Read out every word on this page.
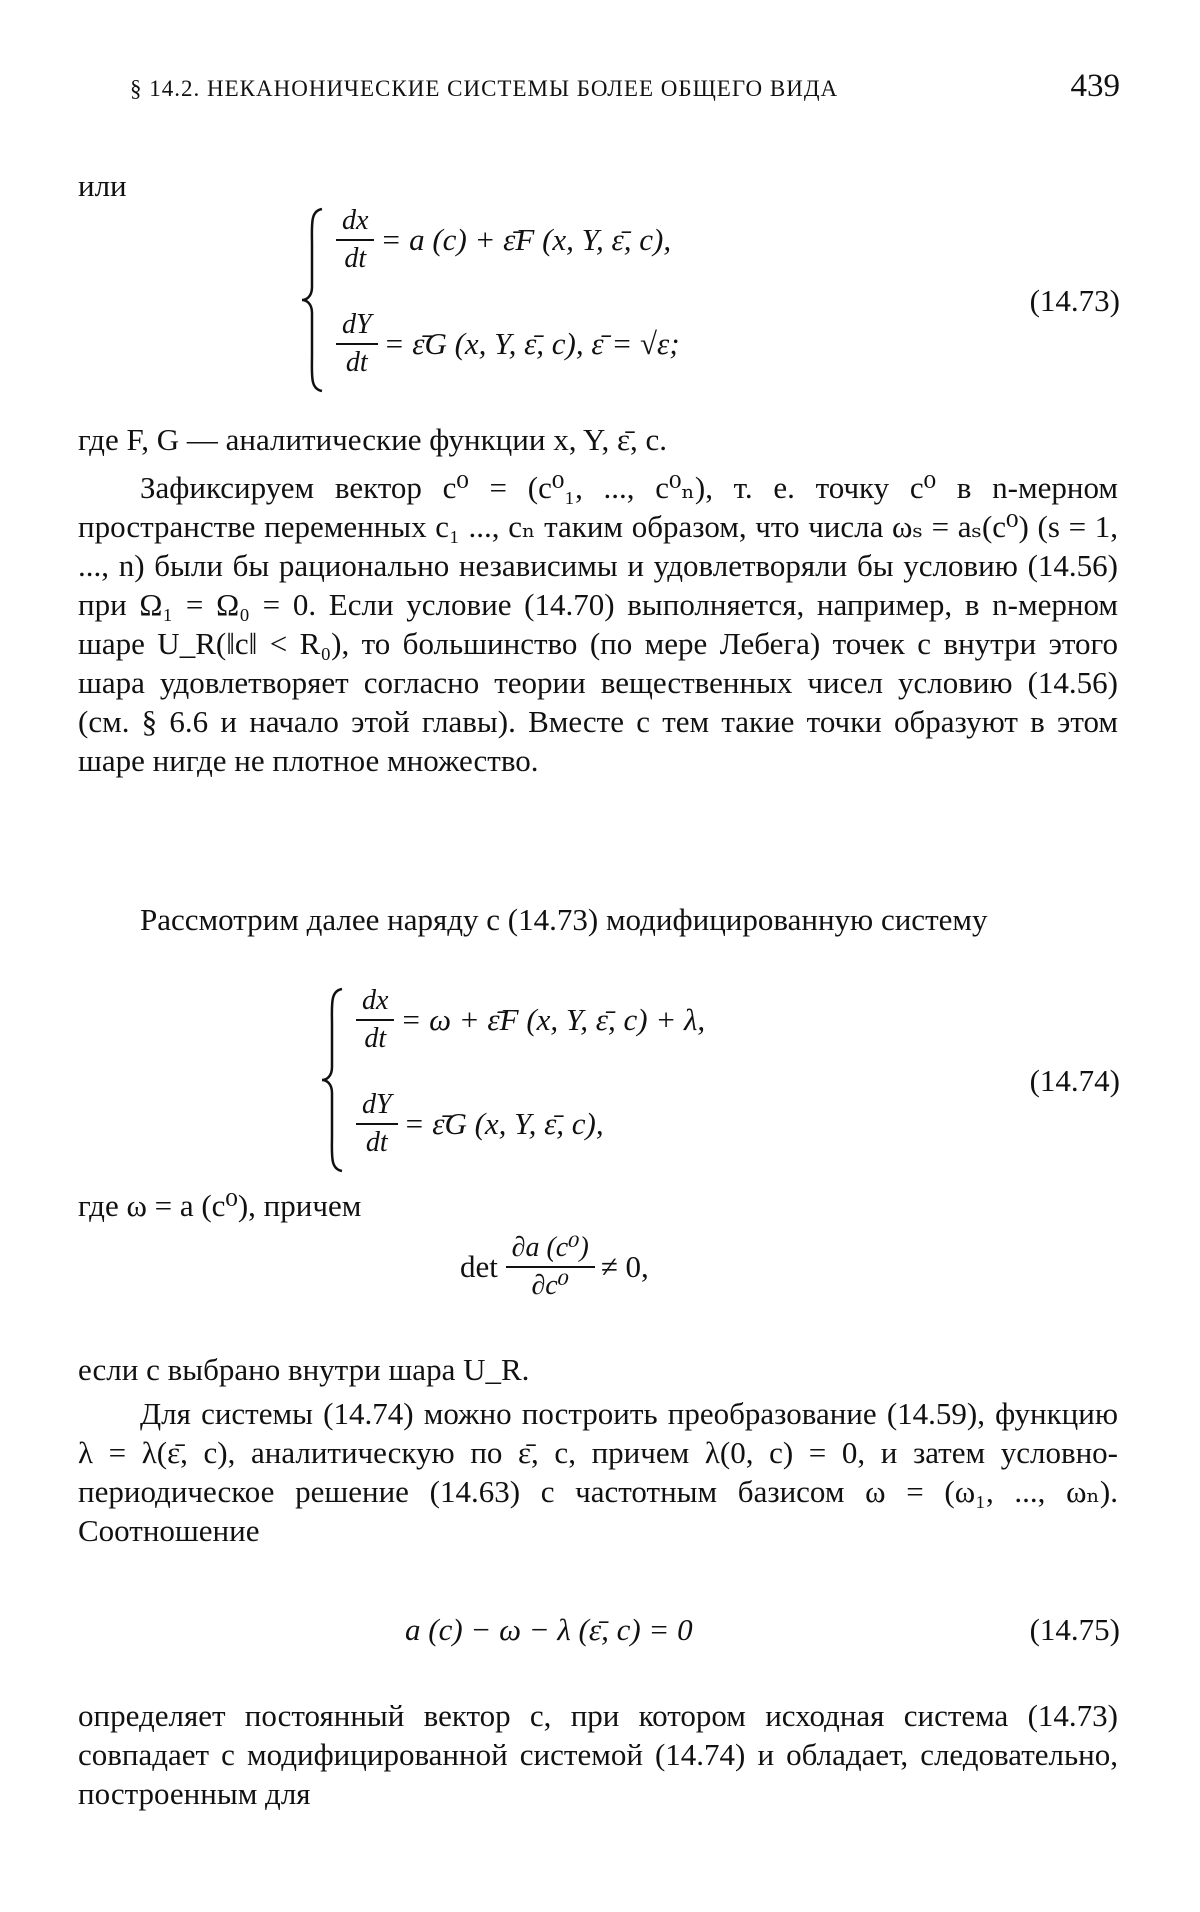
§ 14.2. НЕКАНОНИЧЕСКИЕ СИСТЕМЫ БОЛЕЕ ОБЩЕГО ВИДА	439
или
$\frac{dx}{dt} = a$ (c) + ε̄F (x, Y, ε̄, c),
$\frac{dY}{dt}$ = ε̄G (x, Y, ε̄, c), ε̄ = √ε;
(14.73)
где F, G — аналитические функции x, Y, ε̄, c.
Зафиксируем вектор c⁰ = (c⁰₁, ..., c⁰ₙ), т. е. точку c⁰ в n-мерном пространстве переменных c₁ ..., cₙ таким образом, что числа ωₛ = aₛ(c⁰) (s = 1, ..., n) были бы рационально независимы и удовлетворяли бы условию (14.56) при Ω₁ = Ω₀ = 0. Если условие (14.70) выполняется, например, в n-мерном шаре U_R(‖c‖ < R₀), то большинство (по мере Лебега) точек c внутри этого шара удовлетворяет согласно теории вещественных чисел условию (14.56) (см. § 6.6 и начало этой главы). Вместе с тем такие точки образуют в этом шаре нигде не плотное множество.
Рассмотрим далее наряду с (14.73) модифицированную систему
$\frac{dx}{dt} = \omega$ + ε̄F (x, Y, ε̄, c) + λ,
$\frac{dY}{dt}$ = ε̄G (x, Y, ε̄, c),
(14.74)
где ω = a (c⁰), причем
$\det \frac{\text{∂a (c⁰)}}{\text{∂c⁰}} \ne 0$,
если c выбрано внутри шара U_R.
Для системы (14.74) можно построить преобразование (14.59), функцию λ = λ(ε̄, c), аналитическую по ε̄, c, причем λ(0, c) = 0, и затем условно-периодическое решение (14.63) с частотным базисом ω = (ω₁, ..., ωₙ). Соотношение
a (c) − ω − λ (ε̄, c) = 0	(14.75)
определяет постоянный вектор c, при котором исходная система (14.73) совпадает с модифицированной системой (14.74) и обладает, следовательно, построенным для
